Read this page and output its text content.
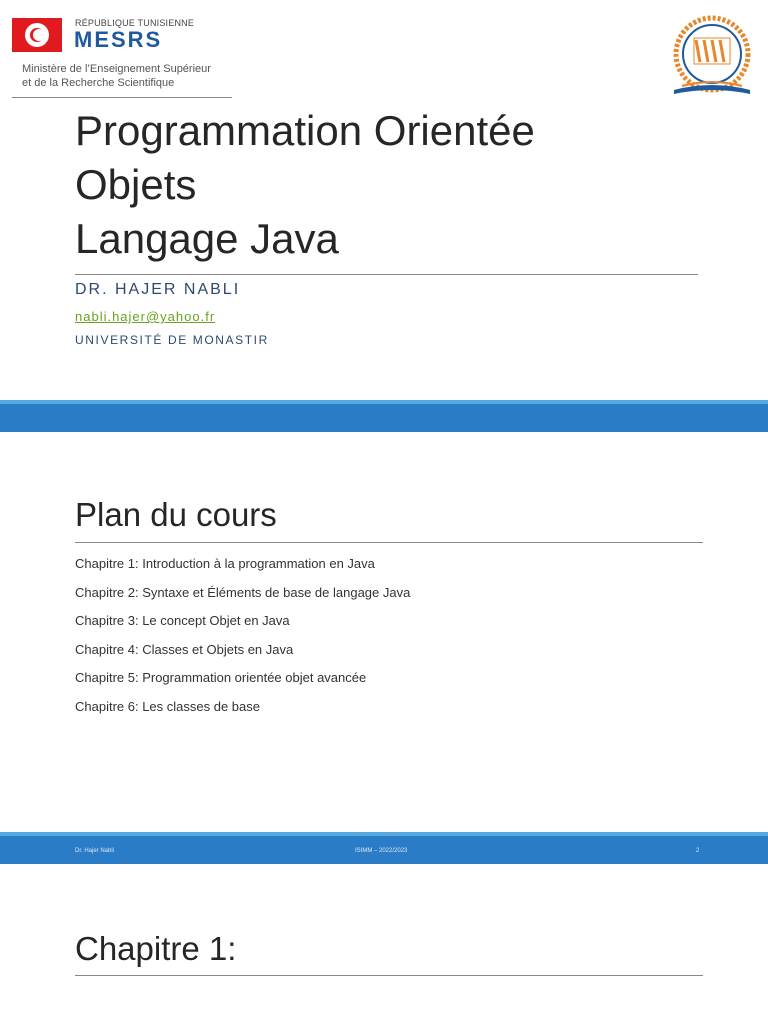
RÉPUBLIQUE TUNISIENNE
MESRS
Ministère de l’Enseignement Supérieur
et de la Recherche Scientifique
Programmation Orientée
Objets
Langage Java
DR. HAJER NABLI
nabli.hajer@yahoo.fr
UNIVERSITÉ DE MONASTIR
Plan du cours
Chapitre 1: Introduction à la programmation en Java
Chapitre 2: Syntaxe et Éléments de base de langage Java
Chapitre 3: Le concept Objet en Java
Chapitre 4: Classes et Objets en Java
Chapitre 5: Programmation orientée objet avancée
Chapitre 6: Les classes de base
Dr. Hajer Nabli	ISIMM – 2022/2023	2
Chapitre 1:
